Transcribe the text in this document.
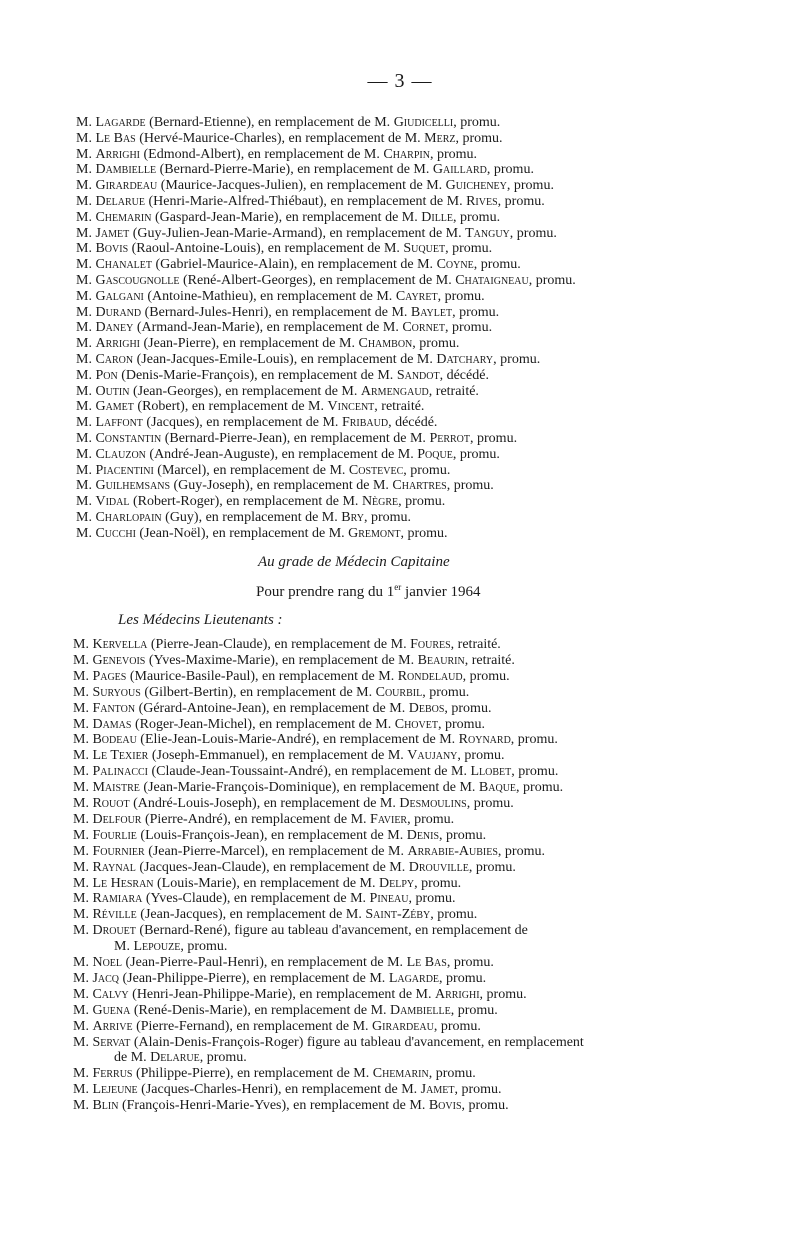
— 3 —
M. Lagarde (Bernard-Etienne), en remplacement de M. Giudicelli, promu.
M. Le Bas (Hervé-Maurice-Charles), en remplacement de M. Merz, promu.
M. Arrighi (Edmond-Albert), en remplacement de M. Charpin, promu.
M. Dambielle (Bernard-Pierre-Marie), en remplacement de M. Gaillard, promu.
M. Girardeau (Maurice-Jacques-Julien), en remplacement de M. Guicheney, promu.
M. Delarue (Henri-Marie-Alfred-Thiébaut), en remplacement de M. Rives, promu.
M. Chemarin (Gaspard-Jean-Marie), en remplacement de M. Dille, promu.
M. Jamet (Guy-Julien-Jean-Marie-Armand), en remplacement de M. Tanguy, promu.
M. Bovis (Raoul-Antoine-Louis), en remplacement de M. Suquet, promu.
M. Chanalet (Gabriel-Maurice-Alain), en remplacement de M. Coyne, promu.
M. Gascougnolle (René-Albert-Georges), en remplacement de M. Chataigneau, promu.
M. Galgani (Antoine-Mathieu), en remplacement de M. Cayret, promu.
M. Durand (Bernard-Jules-Henri), en remplacement de M. Baylet, promu.
M. Daney (Armand-Jean-Marie), en remplacement de M. Cornet, promu.
M. Arrighi (Jean-Pierre), en remplacement de M. Chambon, promu.
M. Caron (Jean-Jacques-Emile-Louis), en remplacement de M. Datchary, promu.
M. Pon (Denis-Marie-François), en remplacement de M. Sandot, décédé.
M. Outin (Jean-Georges), en remplacement de M. Armengaud, retraité.
M. Gamet (Robert), en remplacement de M. Vincent, retraité.
M. Laffont (Jacques), en remplacement de M. Fribaud, décédé.
M. Constantin (Bernard-Pierre-Jean), en remplacement de M. Perrot, promu.
M. Clauzon (André-Jean-Auguste), en remplacement de M. Poque, promu.
M. Piacentini (Marcel), en remplacement de M. Costevec, promu.
M. Guilhemsans (Guy-Joseph), en remplacement de M. Chartres, promu.
M. Vidal (Robert-Roger), en remplacement de M. Nègre, promu.
M. Charlopain (Guy), en remplacement de M. Bry, promu.
M. Cucchi (Jean-Noël), en remplacement de M. Gremont, promu.
Au grade de Médecin Capitaine
Pour prendre rang du 1er janvier 1964
Les Médecins Lieutenants :
M. Kervella (Pierre-Jean-Claude), en remplacement de M. Foures, retraité.
M. Genevois (Yves-Maxime-Marie), en remplacement de M. Beaurin, retraité.
M. Pages (Maurice-Basile-Paul), en remplacement de M. Rondelaud, promu.
M. Suryous (Gilbert-Bertin), en remplacement de M. Courbil, promu.
M. Fanton (Gérard-Antoine-Jean), en remplacement de M. Debos, promu.
M. Damas (Roger-Jean-Michel), en remplacement de M. Chovet, promu.
M. Bodeau (Elie-Jean-Louis-Marie-André), en remplacement de M. Roynard, promu.
M. Le Texier (Joseph-Emmanuel), en remplacement de M. Vaujany, promu.
M. Palinacci (Claude-Jean-Toussaint-André), en remplacement de M. Llobet, promu.
M. Maistre (Jean-Marie-François-Dominique), en remplacement de M. Baque, promu.
M. Rouot (André-Louis-Joseph), en remplacement de M. Desmoulins, promu.
M. Delfour (Pierre-André), en remplacement de M. Favier, promu.
M. Fourlie (Louis-François-Jean), en remplacement de M. Denis, promu.
M. Fournier (Jean-Pierre-Marcel), en remplacement de M. Arrabie-Aubies, promu.
M. Raynal (Jacques-Jean-Claude), en remplacement de M. Drouville, promu.
M. Le Hesran (Louis-Marie), en remplacement de M. Delpy, promu.
M. Ramiara (Yves-Claude), en remplacement de M. Pineau, promu.
M. Réville (Jean-Jacques), en remplacement de M. Saint-Zéby, promu.
M. Drouet (Bernard-René), figure au tableau d'avancement, en remplacement de
M. Lepouze, promu.
M. Noel (Jean-Pierre-Paul-Henri), en remplacement de M. Le Bas, promu.
M. Jacq (Jean-Philippe-Pierre), en remplacement de M. Lagarde, promu.
M. Calvy (Henri-Jean-Philippe-Marie), en remplacement de M. Arrighi, promu.
M. Guena (René-Denis-Marie), en remplacement de M. Dambielle, promu.
M. Arrive (Pierre-Fernand), en remplacement de M. Girardeau, promu.
M. Servat (Alain-Denis-François-Roger) figure au tableau d'avancement, en remplacement
de M. Delarue, promu.
M. Ferrus (Philippe-Pierre), en remplacement de M. Chemarin, promu.
M. Lejeune (Jacques-Charles-Henri), en remplacement de M. Jamet, promu.
M. Blin (François-Henri-Marie-Yves), en remplacement de M. Bovis, promu.
